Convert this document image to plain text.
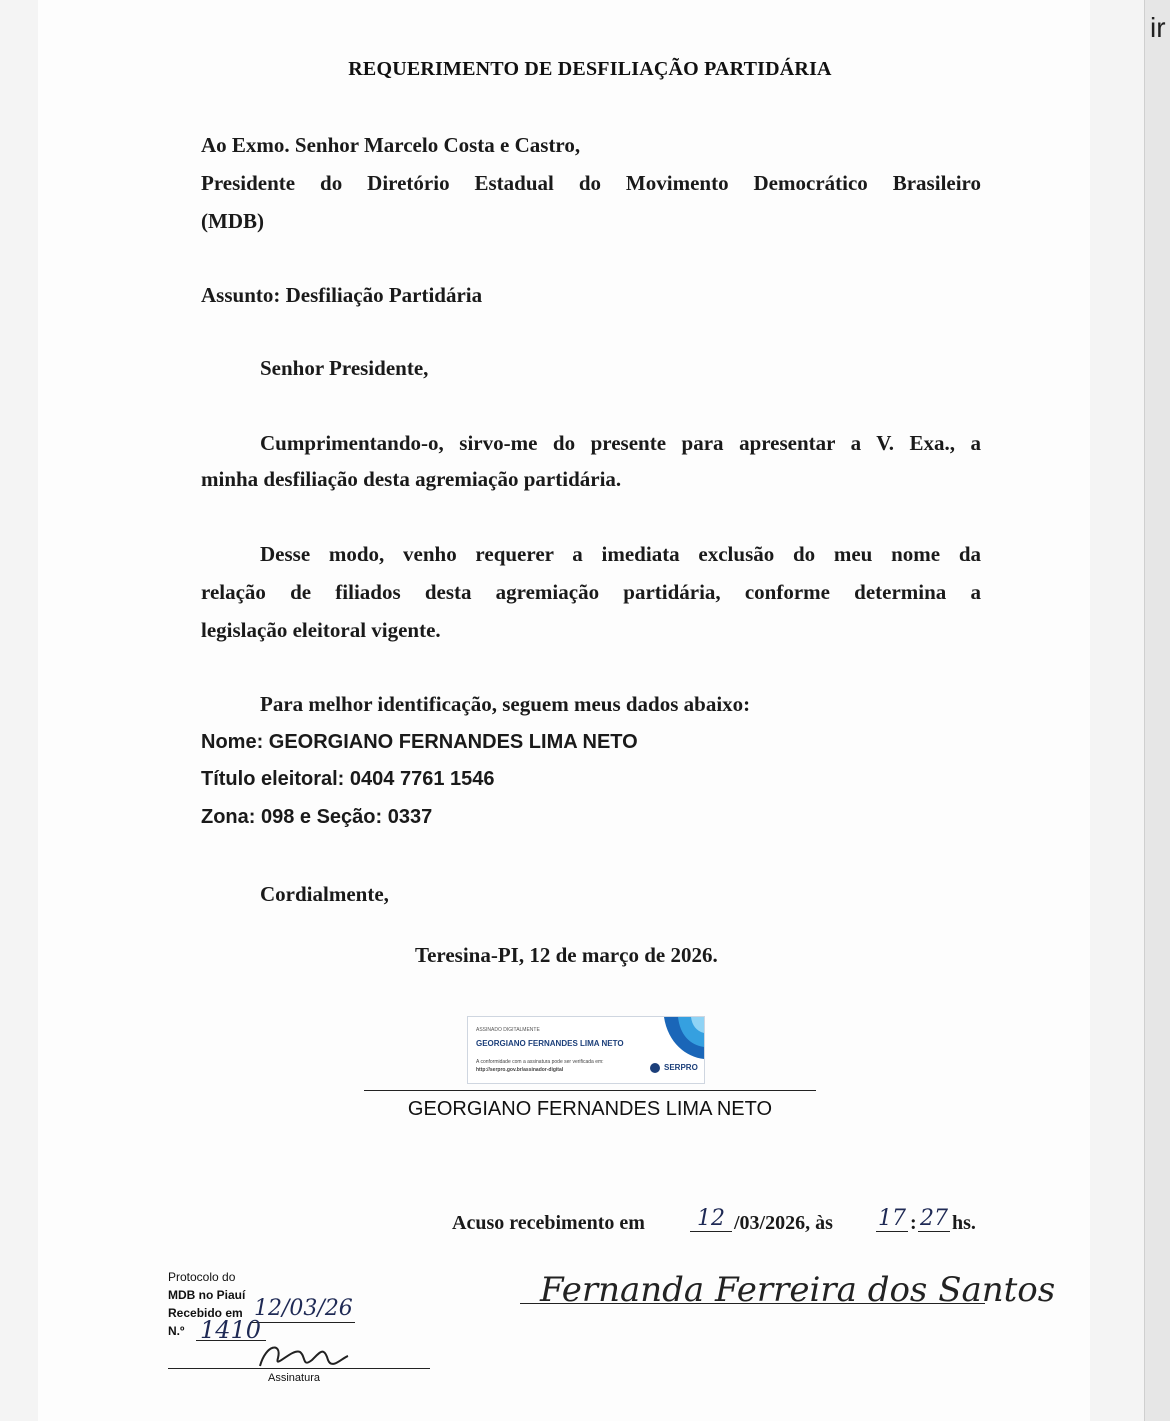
ir
REQUERIMENTO DE DESFILIAÇÃO PARTIDÁRIA
Ao Exmo. Senhor Marcelo Costa e Castro,
Presidente do Diretório Estadual do Movimento Democrático Brasileiro
(MDB)
Assunto: Desfiliação Partidária
Senhor Presidente,
Cumprimentando-o, sirvo-me do presente para apresentar a V. Exa., a
minha desfiliação desta agremiação partidária.
Desse modo, venho requerer a imediata exclusão do meu nome da
relação de filiados desta agremiação partidária, conforme determina a
legislação eleitoral vigente.
Para melhor identificação, seguem meus dados abaixo:
Nome: GEORGIANO FERNANDES LIMA NETO
Título eleitoral: 0404 7761 1546
Zona: 098 e Seção: 0337
Cordialmente,
Teresina-PI, 12 de março de 2026.
ASSINADO DIGITALMENTE
GEORGIANO FERNANDES LIMA NETO
A conformidade com a assinatura pode ser verificada em:
http://serpro.gov.br/assinador-digital	SERPRO
GEORGIANO FERNANDES LIMA NETO
Acuso recebimento em	12 /03/2026, às 17 : 27 hs.
Fernanda Ferreira dos Santos
Protocolo do
MDB no Piauí
Recebido em 12/03/26
N.º 1410
Assinatura
